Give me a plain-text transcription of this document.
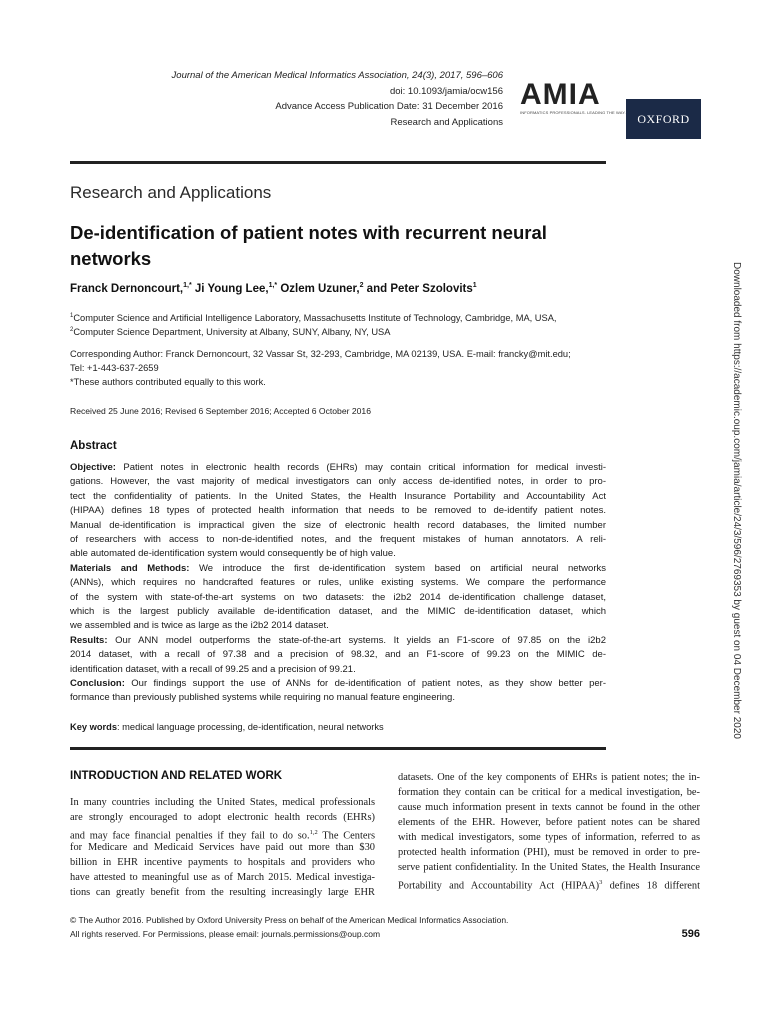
Journal of the American Medical Informatics Association, 24(3), 2017, 596–606
doi: 10.1093/jamia/ocw156
Advance Access Publication Date: 31 December 2016
Research and Applications
AMIA
INFORMATICS PROFESSIONALS. LEADING THE WAY. OXFORD
Research and Applications
De-identification of patient notes with recurrent neural networks
Franck Dernoncourt,$^{1,*}$ Ji Young Lee,$^{1,*}$ Ozlem Uzuner,$^2$ and Peter Szolovits$^1$
$^1$Computer Science and Artificial Intelligence Laboratory, Massachusetts Institute of Technology, Cambridge, MA, USA,
$^2$Computer Science Department, University at Albany, SUNY, Albany, NY, USA
Corresponding Author: Franck Dernoncourt, 32 Vassar St, 32-293, Cambridge, MA 02139, USA. E-mail: francky@mit.edu;
Tel: +1-443-637-2659
*These authors contributed equally to this work.
Received 25 June 2016; Revised 6 September 2016; Accepted 6 October 2016
Abstract
Objective: Patient notes in electronic health records (EHRs) may contain critical information for medical investi-
gations. However, the vast majority of medical investigators can only access de-identified notes, in order to pro-
tect the confidentiality of patients. In the United States, the Health Insurance Portability and Accountability Act
(HIPAA) defines 18 types of protected health information that needs to be removed to de-identify patient notes.
Manual de-identification is impractical given the size of electronic health record databases, the limited number
of researchers with access to non-de-identified notes, and the frequent mistakes of human annotators. A reli-
able automated de-identification system would consequently be of high value.
Materials and Methods: We introduce the first de-identification system based on artificial neural networks
(ANNs), which requires no handcrafted features or rules, unlike existing systems. We compare the performance
of the system with state-of-the-art systems on two datasets: the i2b2 2014 de-identification challenge dataset,
which is the largest publicly available de-identification dataset, and the MIMIC de-identification dataset, which
we assembled and is twice as large as the i2b2 2014 dataset.
Results: Our ANN model outperforms the state-of-the-art systems. It yields an F1-score of 97.85 on the i2b2
2014 dataset, with a recall of 97.38 and a precision of 98.32, and an F1-score of 99.23 on the MIMIC de-
identification dataset, with a recall of 99.25 and a precision of 99.21.
Conclusion: Our findings support the use of ANNs for de-identification of patient notes, as they show better per-
formance than previously published systems while requiring no manual feature engineering.
Key words: medical language processing, de-identification, neural networks
INTRODUCTION AND RELATED WORK
In many countries including the United States, medical professionals
are strongly encouraged to adopt electronic health records (EHRs)
and may face financial penalties if they fail to do so.$^{1,2}$ The Centers
for Medicare and Medicaid Services have paid out more than $30
billion in EHR incentive payments to hospitals and providers who
have attested to meaningful use as of March 2015. Medical investiga-
tions can greatly benefit from the resulting increasingly large EHR
datasets. One of the key components of EHRs is patient notes; the in-
formation they contain can be critical for a medical investigation, be-
cause much information present in texts cannot be found in the other
elements of the EHR. However, before patient notes can be shared
with medical investigators, some types of information, referred to as
protected health information (PHI), must be removed in order to pre-
serve patient confidentiality. In the United States, the Health Insurance
Portability and Accountability Act (HIPAA)$^3$ defines 18 different
© The Author 2016. Published by Oxford University Press on behalf of the American Medical Informatics Association.
All rights reserved. For Permissions, please email: journals.permissions@oup.com	596
Downloaded from https://academic.oup.com/jamia/article/24/3/596/2769353 by guest on 04 December 2020
